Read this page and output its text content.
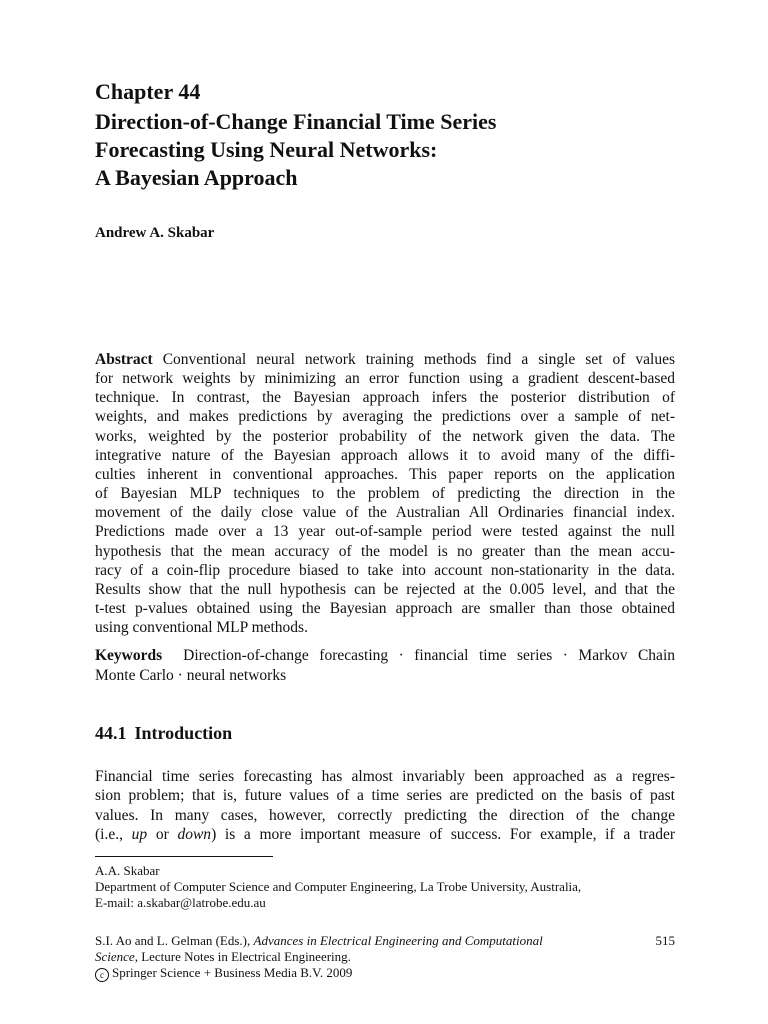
Chapter 44
Direction-of-Change Financial Time Series
Forecasting Using Neural Networks:
A Bayesian Approach
Andrew A. Skabar
Abstract Conventional neural network training methods find a single set of values
for network weights by minimizing an error function using a gradient descent-based
technique. In contrast, the Bayesian approach infers the posterior distribution of
weights, and makes predictions by averaging the predictions over a sample of net-
works, weighted by the posterior probability of the network given the data. The
integrative nature of the Bayesian approach allows it to avoid many of the diffi-
culties inherent in conventional approaches. This paper reports on the application
of Bayesian MLP techniques to the problem of predicting the direction in the
movement of the daily close value of the Australian All Ordinaries financial index.
Predictions made over a 13 year out-of-sample period were tested against the null
hypothesis that the mean accuracy of the model is no greater than the mean accu-
racy of a coin-flip procedure biased to take into account non-stationarity in the data.
Results show that the null hypothesis can be rejected at the 0.005 level, and that the
t-test p-values obtained using the Bayesian approach are smaller than those obtained
using conventional MLP methods.
Keywords Direction-of-change forecasting · financial time series · Markov Chain
Monte Carlo · neural networks
44.1 Introduction
Financial time series forecasting has almost invariably been approached as a regres-
sion problem; that is, future values of a time series are predicted on the basis of past
values. In many cases, however, correctly predicting the direction of the change
(i.e., up or down) is a more important measure of success. For example, if a trader
A.A. Skabar
Department of Computer Science and Computer Engineering, La Trobe University, Australia,
E-mail: a.skabar@latrobe.edu.au
S.I. Ao and L. Gelman (Eds.), Advances in Electrical Engineering and Computational
Science, Lecture Notes in Electrical Engineering.
c Springer Science + Business Media B.V. 2009
515
